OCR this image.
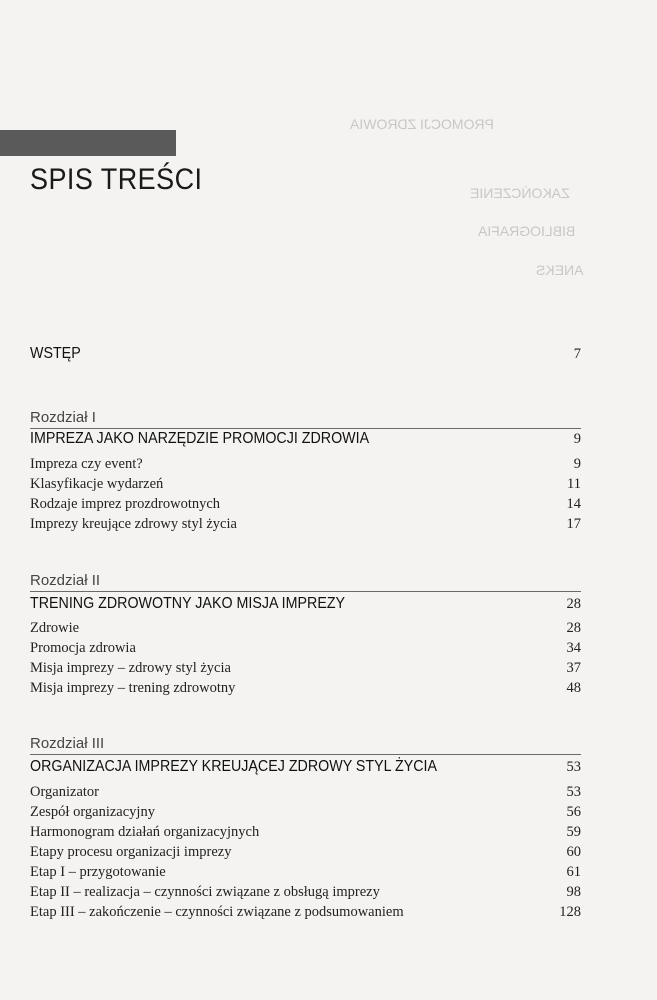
PROMOCJI ZDROWIA
ZAKOŃCZENIE
BIBLIOGRAFIA
ANEKS
SPIS TREŚCI
WSTĘP	7
Rozdział I
IMPREZA JAKO NARZĘDZIE PROMOCJI ZDROWIA	9
Impreza czy event?	9
Klasyfikacje wydarzeń	11
Rodzaje imprez prozdrowotnych	14
Imprezy kreujące zdrowy styl życia	17
Rozdział II
TRENING ZDROWOTNY JAKO MISJA IMPREZY	28
Zdrowie	28
Promocja zdrowia	34
Misja imprezy – zdrowy styl życia	37
Misja imprezy – trening zdrowotny	48
Rozdział III
ORGANIZACJA IMPREZY KREUJĄCEJ ZDROWY STYL ŻYCIA	53
Organizator	53
Zespół organizacyjny	56
Harmonogram działań organizacyjnych	59
Etapy procesu organizacji imprezy	60
Etap I – przygotowanie	61
Etap II – realizacja – czynności związane z obsługą imprezy	98
Etap III – zakończenie – czynności związane z podsumowaniem	128
